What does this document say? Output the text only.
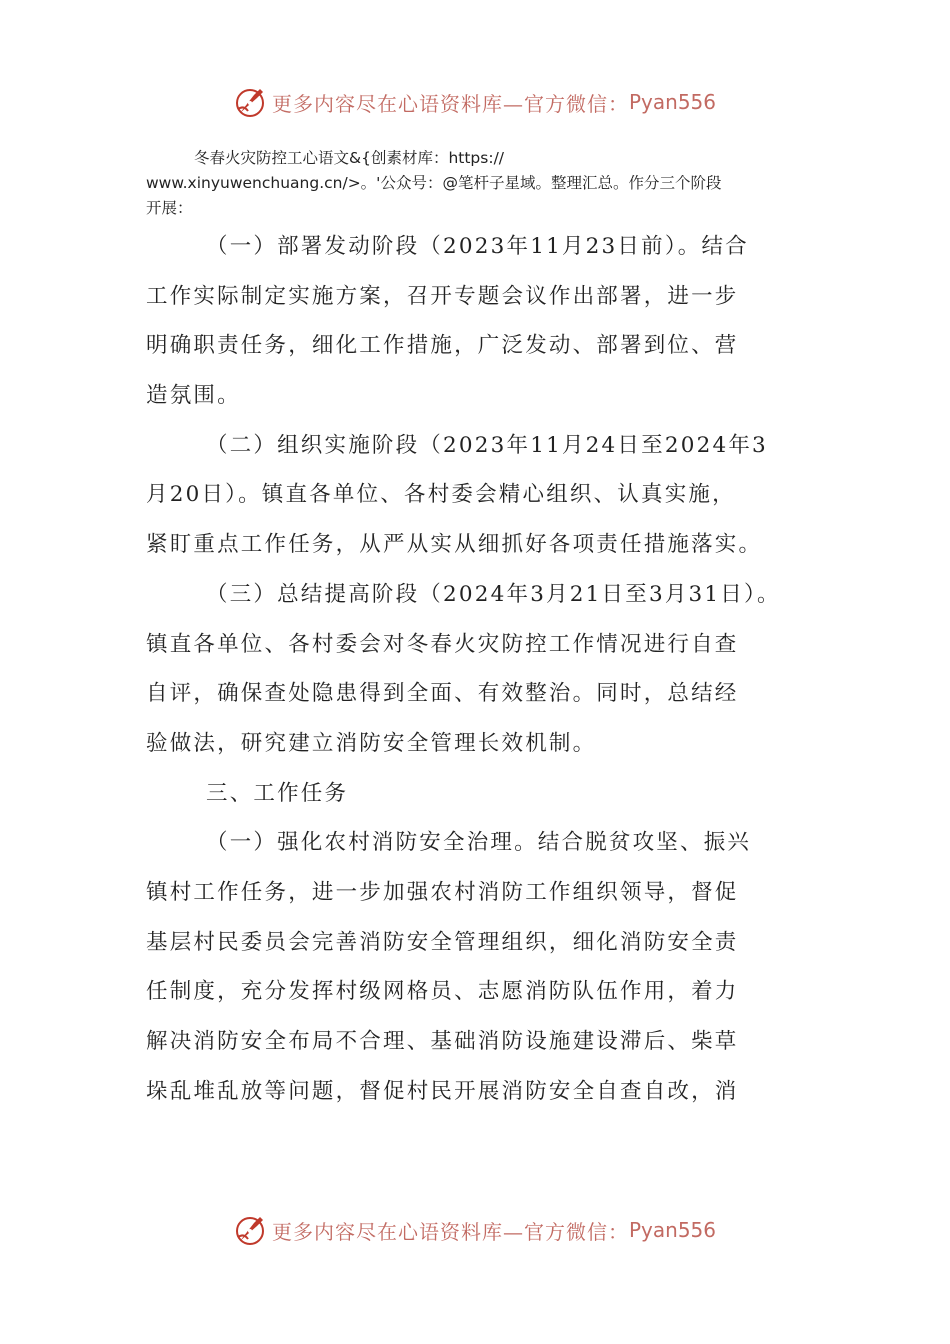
更多内容尽在心语资料库—官方微信： Pyan556
冬春火灾防控工心语文&{创素材库：https://
www.xinyuwenchuang.cn/>。'公众号：@笔杆子星域。整理汇总。作分三个阶段
开展：
（一）部署发动阶段（2023年11月23日前）。结合
工作实际制定实施方案，召开专题会议作出部署，进一步
明确职责任务，细化工作措施，广泛发动、部署到位、营
造氛围。
（二）组织实施阶段（2023年11月24日至2024年3
月20日）。镇直各单位、各村委会精心组织、认真实施，
紧盯重点工作任务，从严从实从细抓好各项责任措施落实。
（三）总结提高阶段（2024年3月21日至3月31日）。
镇直各单位、各村委会对冬春火灾防控工作情况进行自查
自评，确保查处隐患得到全面、有效整治。同时，总结经
验做法，研究建立消防安全管理长效机制。
三、工作任务
（一）强化农村消防安全治理。结合脱贫攻坚、振兴
镇村工作任务，进一步加强农村消防工作组织领导，督促
基层村民委员会完善消防安全管理组织，细化消防安全责
任制度，充分发挥村级网格员、志愿消防队伍作用，着力
解决消防安全布局不合理、基础消防设施建设滞后、柴草
垛乱堆乱放等问题，督促村民开展消防安全自查自改，消
更多内容尽在心语资料库—官方微信： Pyan556
